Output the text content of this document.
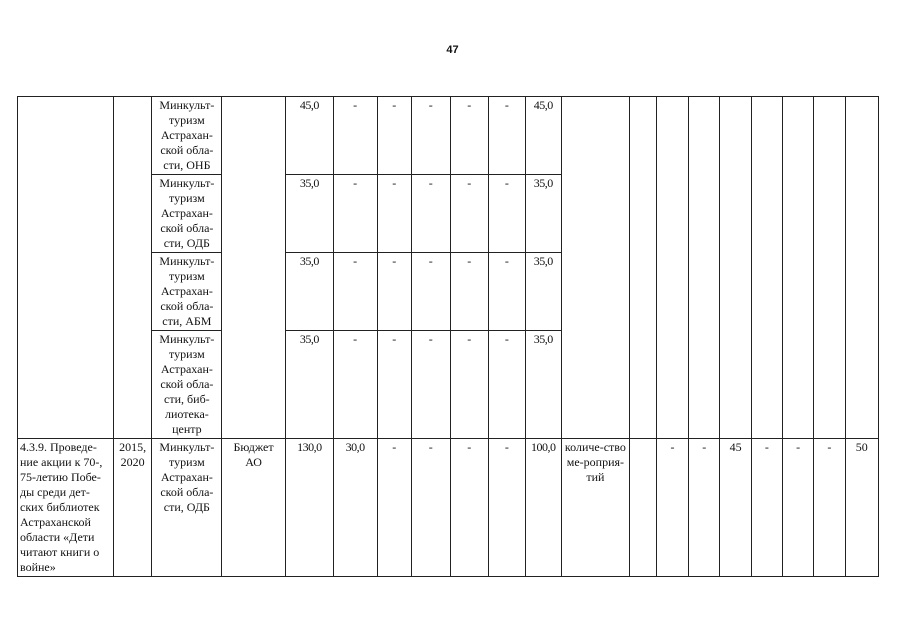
47
		Минкульт-туризм Астрахан-ской обла-сти, ОНБ		45,0	-	-	-	-	-	45,0									
		Минкульт-туризм Астрахан-ской обла-сти, ОДБ		35,0	-	-	-	-	-	35,0									
		Минкульт-туризм Астрахан-ской обла-сти, АБМ		35,0	-	-	-	-	-	35,0									
		Минкульт-туризм Астрахан-ской обла-сти, биб-лиотека-центр		35,0	-	-	-	-	-	35,0									
4.3.9. Проведе-ние акции к 70-, 75-летию Побе-ды среди дет-ских библиотек Астраханской области «Дети читают книги о войне»	2015, 2020	Минкульт-туризм Астрахан-ской обла-сти, ОДБ	Бюджет АО	130,0	30,0	-	-	-	-	100,0	количе-ство ме-роприя-тий		-	-	45	-	-	-	50
